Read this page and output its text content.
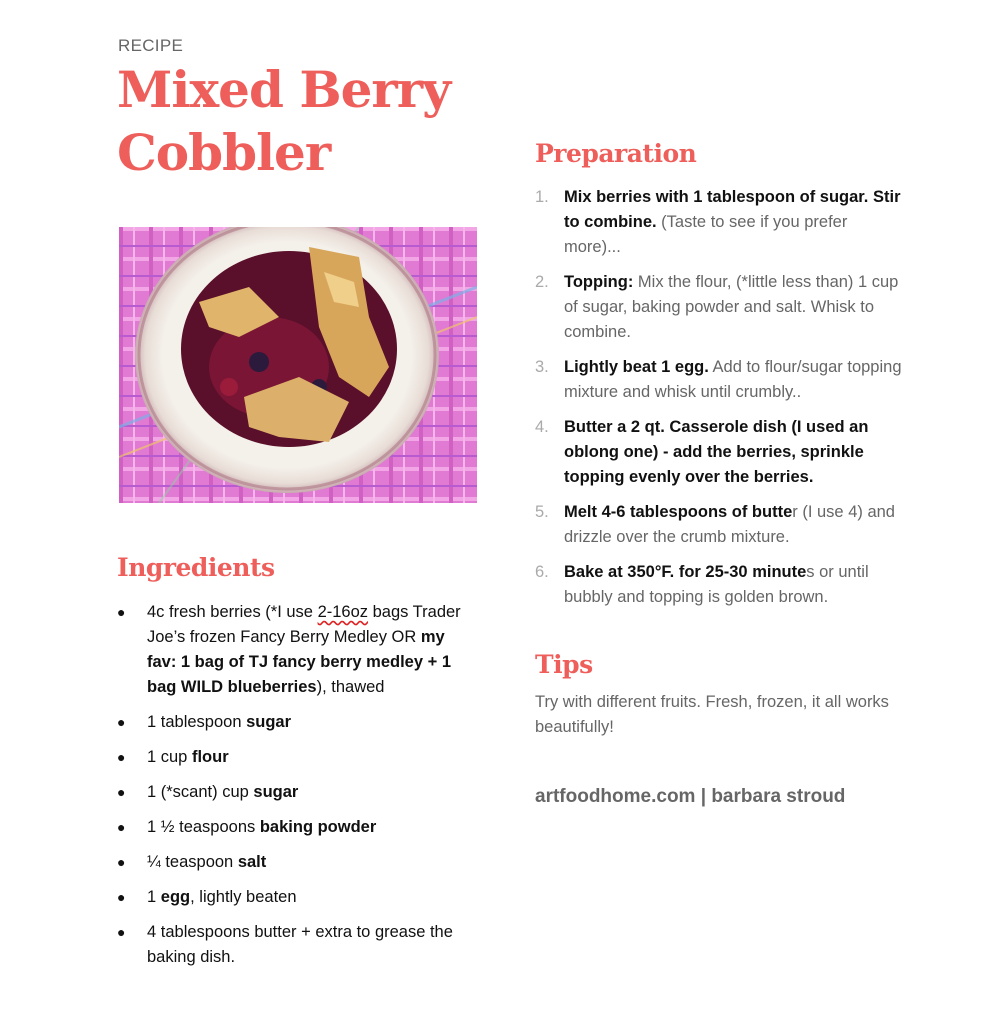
RECIPE
Mixed Berry Cobbler
Ingredients
● 4c fresh berries (*I use 2-16oz bags Trader Joe’s frozen Fancy Berry Medley OR my fav: 1 bag of TJ fancy berry medley + 1 bag WILD blueberries), thawed
● 1 tablespoon sugar
● 1 cup flour
● 1 (*scant) cup sugar
● 1 ½ teaspoons baking powder
● ¼ teaspoon salt
● 1 egg, lightly beaten
● 4 tablespoons butter + extra to grease the baking dish.
Preparation
1. Mix berries with 1 tablespoon of sugar. Stir to combine. (Taste to see if you prefer more)...
2. Topping: Mix the flour, (*little less than) 1 cup of sugar, baking powder and salt. Whisk to combine.
3. Lightly beat 1 egg. Add to flour/sugar topping mixture and whisk until crumbly..
4. Butter a 2 qt. Casserole dish (I used an oblong one) - add the berries, sprinkle topping evenly over the berries.
5. Melt 4-6 tablespoons of butter (I use 4) and drizzle over the crumb mixture.
6. Bake at 350°F. for 25-30 minutes or until bubbly and topping is golden brown.
Tips
Try with different fruits. Fresh, frozen, it all works beautifully!
artfoodhome.com | barbara stroud
